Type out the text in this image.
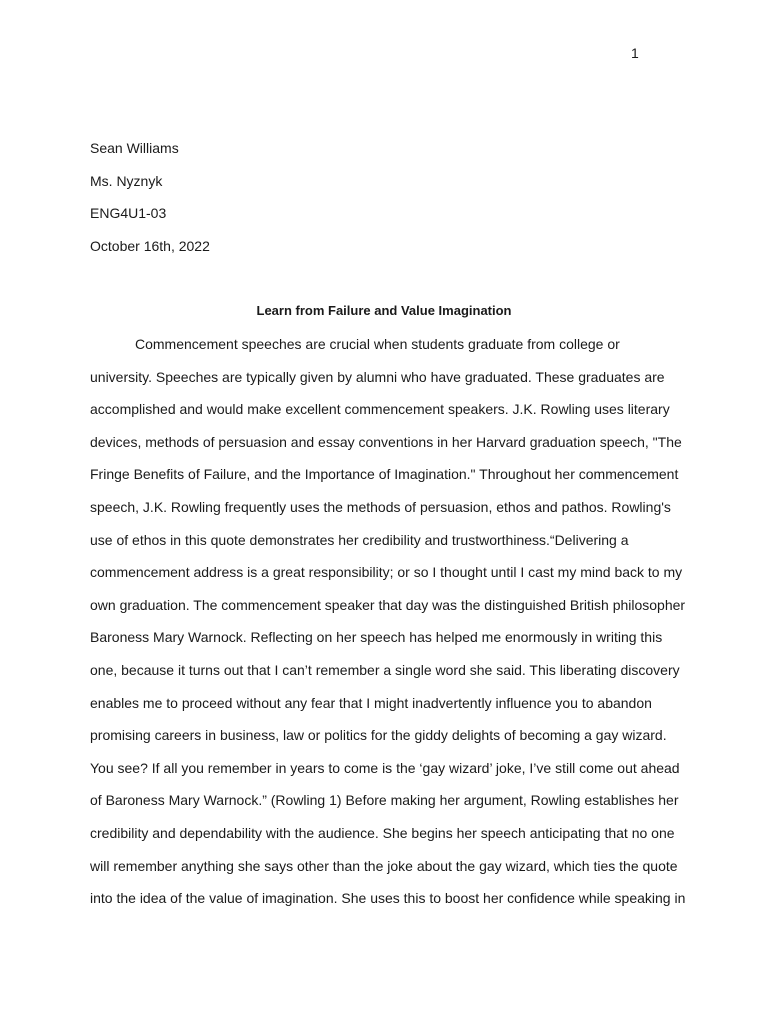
1
Sean Williams
Ms. Nyznyk
ENG4U1-03
October 16th, 2022
Learn from Failure and Value Imagination
Commencement speeches are crucial when students graduate from college or
university. Speeches are typically given by alumni who have graduated. These graduates are
accomplished and would make excellent commencement speakers. J.K. Rowling uses literary
devices, methods of persuasion and essay conventions in her Harvard graduation speech, "The
Fringe Benefits of Failure, and the Importance of Imagination." Throughout her commencement
speech, J.K. Rowling frequently uses the methods of persuasion, ethos and pathos. Rowling's
use of ethos in this quote demonstrates her credibility and trustworthiness.“Delivering a
commencement address is a great responsibility; or so I thought until I cast my mind back to my
own graduation. The commencement speaker that day was the distinguished British philosopher
Baroness Mary Warnock. Reflecting on her speech has helped me enormously in writing this
one, because it turns out that I can’t remember a single word she said. This liberating discovery
enables me to proceed without any fear that I might inadvertently influence you to abandon
promising careers in business, law or politics for the giddy delights of becoming a gay wizard.
You see? If all you remember in years to come is the ‘gay wizard’ joke, I’ve still come out ahead
of Baroness Mary Warnock.” (Rowling 1) Before making her argument, Rowling establishes her
credibility and dependability with the audience. She begins her speech anticipating that no one
will remember anything she says other than the joke about the gay wizard, which ties the quote
into the idea of the value of imagination. She uses this to boost her confidence while speaking in
